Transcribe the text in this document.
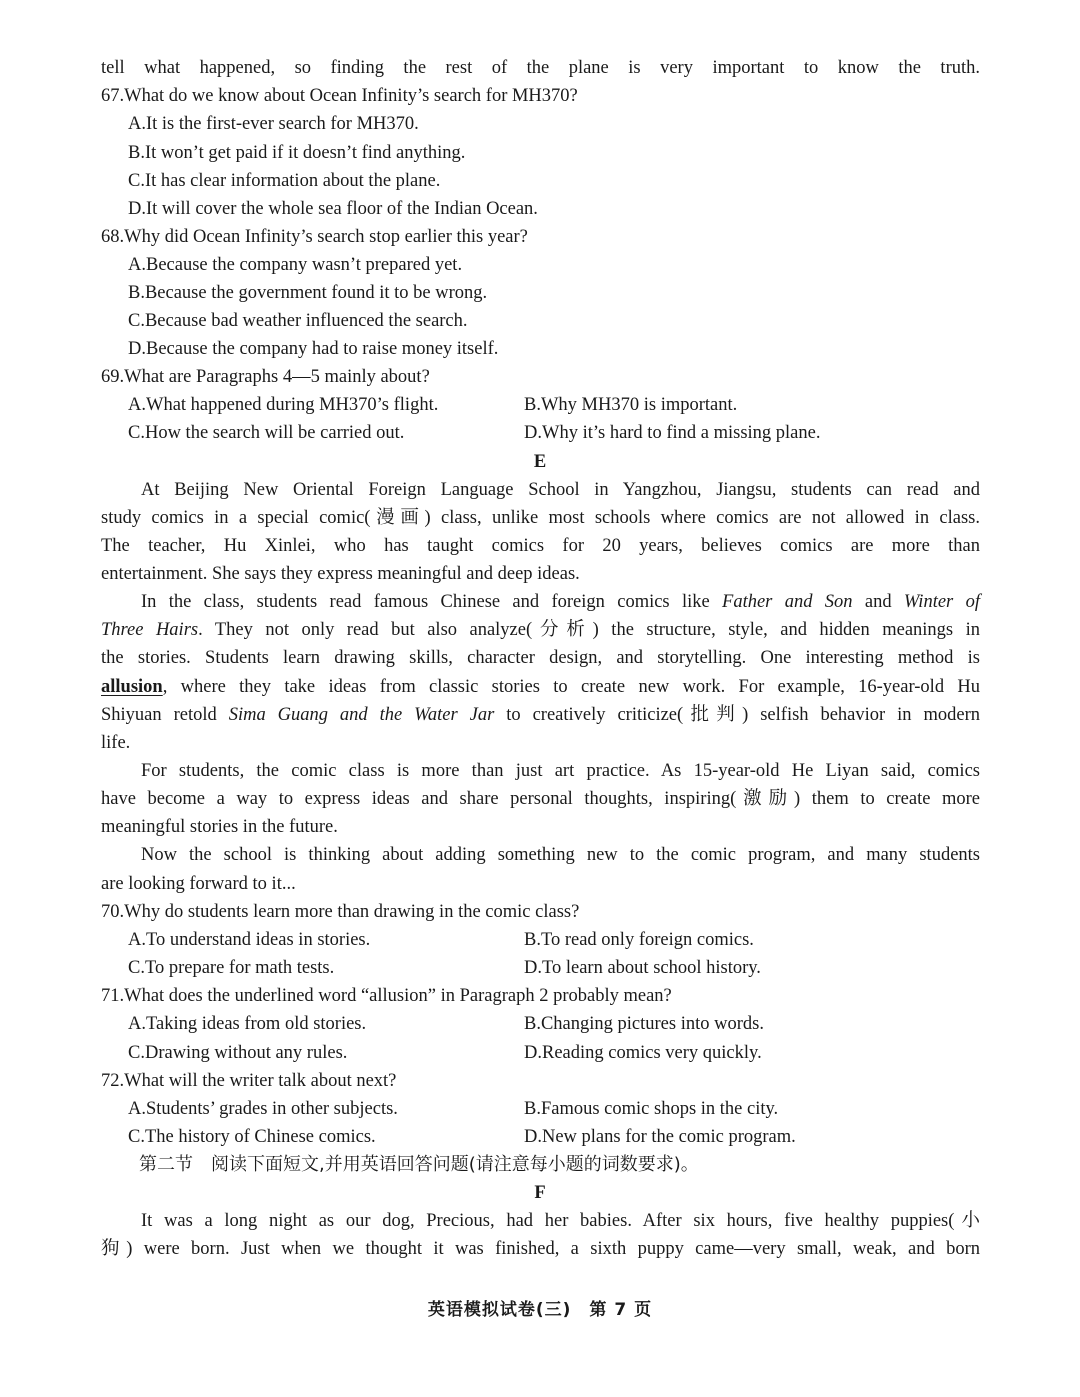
tell what happened, so finding the rest of the plane is very important to know the truth.
67.What do we know about Ocean Infinity’s search for MH370?
A.It is the first-ever search for MH370.
B.It won’t get paid if it doesn’t find anything.
C.It has clear information about the plane.
D.It will cover the whole sea floor of the Indian Ocean.
68.Why did Ocean Infinity’s search stop earlier this year?
A.Because the company wasn’t prepared yet.
B.Because the government found it to be wrong.
C.Because bad weather influenced the search.
D.Because the company had to raise money itself.
69.What are Paragraphs 4—5 mainly about?
A.What happened during MH370’s flight.	B.Why MH370 is important.
C.How the search will be carried out.	D.Why it’s hard to find a missing plane.
E
At Beijing New Oriental Foreign Language School in Yangzhou, Jiangsu, students can read and
study comics in a special comic(漫画) class, unlike most schools where comics are not allowed in class.
The teacher, Hu Xinlei, who has taught comics for 20 years, believes comics are more than
entertainment. She says they express meaningful and deep ideas.
In the class, students read famous Chinese and foreign comics like Father and Son and Winter of
Three Hairs. They not only read but also analyze(分析) the structure, style, and hidden meanings in
the stories. Students learn drawing skills, character design, and storytelling. One interesting method is
allusion, where they take ideas from classic stories to create new work. For example, 16-year-old Hu
Shiyuan retold Sima Guang and the Water Jar to creatively criticize(批判) selfish behavior in modern
life.
For students, the comic class is more than just art practice. As 15-year-old He Liyan said, comics
have become a way to express ideas and share personal thoughts, inspiring(激励) them to create more
meaningful stories in the future.
Now the school is thinking about adding something new to the comic program, and many students
are looking forward to it...
70.Why do students learn more than drawing in the comic class?
A.To understand ideas in stories.	B.To read only foreign comics.
C.To prepare for math tests.	D.To learn about school history.
71.What does the underlined word “allusion” in Paragraph 2 probably mean?
A.Taking ideas from old stories.	B.Changing pictures into words.
C.Drawing without any rules.	D.Reading comics very quickly.
72.What will the writer talk about next?
A.Students’ grades in other subjects.	B.Famous comic shops in the city.
C.The history of Chinese comics.	D.New plans for the comic program.
第二节　阅读下面短文,并用英语回答问题(请注意每小题的词数要求)。
F
It was a long night as our dog, Precious, had her babies. After six hours, five healthy puppies(小
狗) were born. Just when we thought it was finished, a sixth puppy came—very small, weak, and born
英语模拟试卷(三)　第 7 页
